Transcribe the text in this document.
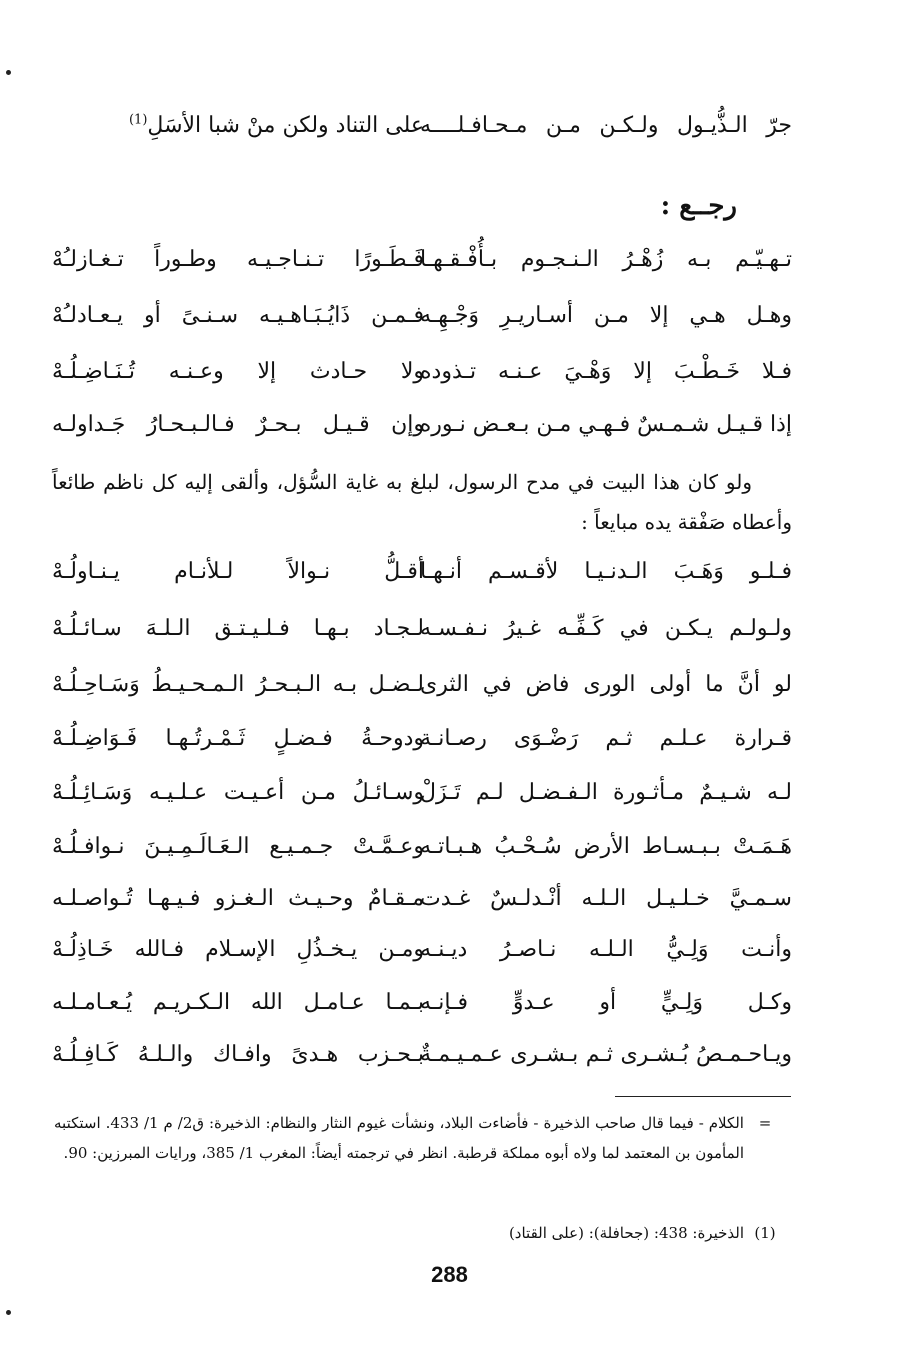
جرّ الـذُّيـول ولـكـن مـن مـحـافـلــــه
على التناد ولكن منْ شبا الأسَلِ$^{(1)}$
رجــع :
تـهـيّـم بـه زُهْـرُ الـنـجـوم بـأُفْـقـهـا
فَـطَـورًا تـنـاجـيـه وطـوراً تـغـازلـُهْ
وهـل هـي إلا مـن أسـاريـرِ وَجْـهِـه
فـمـن ذَايُـبَـاهـيـه سـنـىً أو يـعـادلـُهْ
فـلا خَـطْـبَ إلا وَهْـيَ عـنـه تـذوده
ولا حـادث إلا وعـنـه تُـنَـاضِـلُـهْ
إذا قـيـل شـمـسٌ فـهـي مـن بـعـض نـوره
وإن قـيـل بـحـرٌ فـالـبـحـارُ جَـداولـه
ولو كان هذا البيت في مدح الرسول، لبلغ به غاية السُّؤل، وألقى إليه كل ناظم طائعاً وأعطاه صَفْقة يده مبايعاً :
فـلـو وَهَـبَ الـدنـيـا لأقـسـم أنـهـا
أقـلُّ نـوالاً لـلأنـام يـنـاولُـهْ
ولـولـم يـكـن في كَـفِّـه غـيرُ نـفـسـه
لـجـاد بـهـا فـلـيـتـق الـلـهَ سـائـلُـهْ
لو أنَّ ما أولى الورى فاض في الثرى
لـضـل بـه الـبـحـرُ الـمـحـيـطُ وَسَـاحِـلُـهْ
قـرارة عـلـم ثـم رَضْـوَى رصـانـة
ودوحـةُ فـضـلٍ ثَـمْـرتُـهـا فَـوَاضِـلُـهْ
لـه شـيـمٌ مـأثـورة الـفـضـل لـم تَـزَلْ
وسـائـلُ مـن أعـيـت عـلـيـه وَسَـائِـلُـهْ
هَـمَـتْ بـبـسـاط الأرض سُـحْـبُ هـبـاتـه
وعـمَّـتْ جـمـيـع الـعَـالَـمِـيـنَ نـوافـلُـهْ
سـمـيَّ خـلـيـل الـلـه أنْـدلـسٌ غـدت
مـقـامٌ وحـيـث الـغـزو فـيـهـا تُـواصـلـه
وأنـت وَلِـيُّ الـلـه نـاصـرُ ديـنـه
ومـن يـخـذُلِ الإسـلام فـالله خَـاذِلُـهْ
وكـل وَلِـيٍّ أو عـدوٍّ فـإنـه
بـمـا عـامـل الله الـكـريـم يُـعـامـلـه
ويـاحـمـصُ بُـشـرى ثـم بـشـرى عـمـيـمـةٌ
بـحـزب هـدىً وافـاك والـلـهُ كَـافِـلُـهْ
=
الكلام - فيما قال صاحب الذخيرة - فأضاءت البلاد، ونشأت غيوم النثار والنظام: الذخيرة: ق2/ م 1/ 433. استكتبه المأمون بن المعتمد لما ولاه أبوه مملكة قرطبة. انظر في ترجمته أيضاً: المغرب 1/ 385، ورايات المبرزين: 90.
(1)
الذخيرة: 438: (جحافلة): (على القتاد)
288
